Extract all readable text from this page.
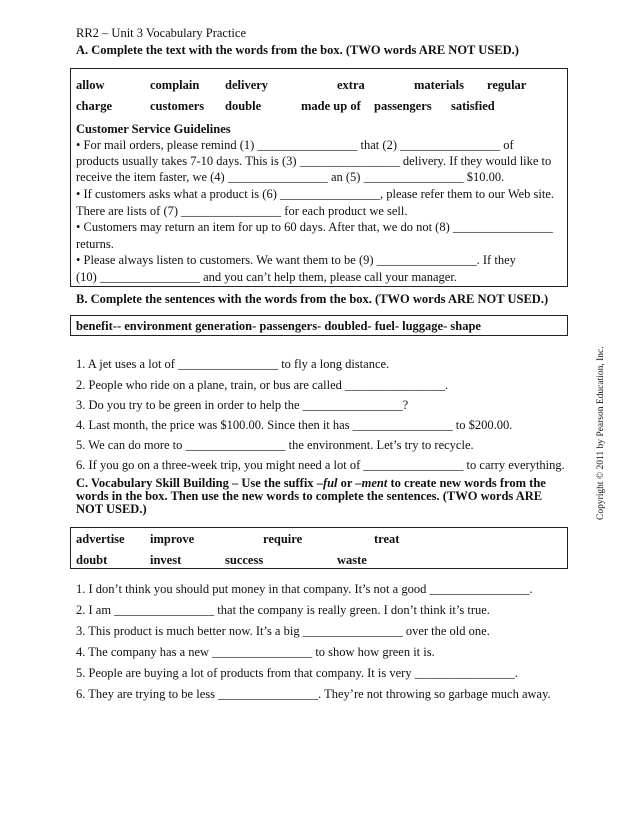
RR2 – Unit 3 Vocabulary Practice
A. Complete the text with the words from the box. (TWO words ARE NOT USED.)
allow	complain delivery	extra	materials regular
charge	customers double	made up of passengers satisfied
Customer Service Guidelines
• For mail orders, please remind (1) ________________ that (2) ________________ of
products usually takes 7-10 days. This is (3) ________________ delivery. If they would like to
receive the item faster, we (4) ________________ an (5) ________________ $10.00.
• If customers asks what a product is (6) ________________, please refer them to our Web site.
There are lists of (7) ________________ for each product we sell.
• Customers may return an item for up to 60 days. After that, we do not (8) ________________
returns.
• Please always listen to customers. We want them to be (9) ________________. If they
(10) ________________ and you can’t help them, please call your manager.
B. Complete the sentences with the words from the box. (TWO words ARE NOT USED.)
benefit-- environment generation- passengers- doubled- fuel- luggage- shape
1. A jet uses a lot of ________________ to fly a long distance.
2. People who ride on a plane, train, or bus are called ________________.
3. Do you try to be green in order to help the ________________?
4. Last month, the price was $100.00. Since then it has ________________ to $200.00.
5. We can do more to ________________ the environment. Let’s try to recycle.
6. If you go on a three-week trip, you might need a lot of ________________ to carry everything.
C. Vocabulary Skill Building – Use the suffix –ful or –ment to create new words from the
words in the box. Then use the new words to complete the sentences. (TWO words ARE
NOT USED.)
advertise improve	require	treat
doubt	invest	success	waste
1. I don’t think you should put money in that company. It’s not a good ________________.
2. I am ________________ that the company is really green. I don’t think it’s true.
3. This product is much better now. It’s a big ________________ over the old one.
4. The company has a new ________________ to show how green it is.
5. People are buying a lot of products from that company. It is very ________________.
6. They are trying to be less ________________. They’re not throwing so garbage much away.
Copyright © 2011 by Pearson Education, Inc.
